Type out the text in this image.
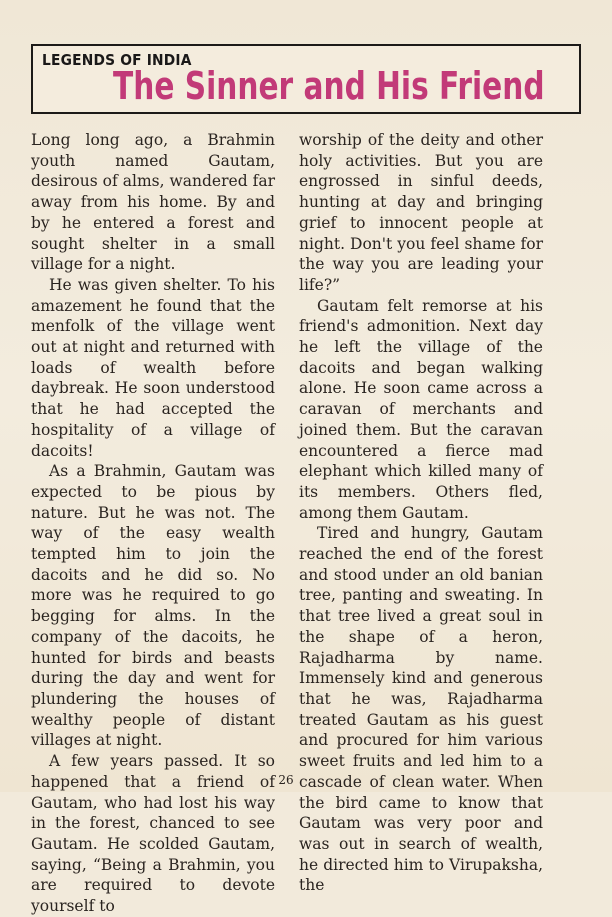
LEGENDS OF INDIA
The Sinner and His Friend

Long long ago, a Brahmin youth named Gautam, desirous of alms, wandered far away from his home. By and by he entered a forest and sought shelter in a small village for a night.

He was given shelter. To his amazement he found that the menfolk of the village went out at night and returned with loads of wealth before daybreak. He soon understood that he had accepted the hospitality of a village of dacoits!

As a Brahmin, Gautam was expected to be pious by nature. But he was not. The way of the easy wealth tempted him to join the dacoits and he did so. No more was he required to go begging for alms. In the company of the dacoits, he hunted for birds and beasts during the day and went for plundering the houses of wealthy people of distant villages at night.

A few years passed. It so happened that a friend of Gautam, who had lost his way in the forest, chanced to see Gautam. He scolded Gautam, saying, “Being a Brahmin, you are required to devote yourself to

worship of the deity and other holy activities. But you are engrossed in sinful deeds, hunting at day and bringing grief to innocent people at night. Don't you feel shame for the way you are leading your life?”

Gautam felt remorse at his friend's admonition. Next day he left the village of the dacoits and began walking alone. He soon came across a caravan of merchants and joined them. But the caravan encountered a fierce mad elephant which killed many of its members. Others fled, among them Gautam.

Tired and hungry, Gautam reached the end of the forest and stood under an old banian tree, panting and sweating. In that tree lived a great soul in the shape of a heron, Rajadharma by name. Immensely kind and generous that he was, Rajadharma treated Gautam as his guest and procured for him various sweet fruits and led him to a cascade of clean water. When the bird came to know that Gautam was very poor and was out in search of wealth, he directed him to Virupaksha, the

26
